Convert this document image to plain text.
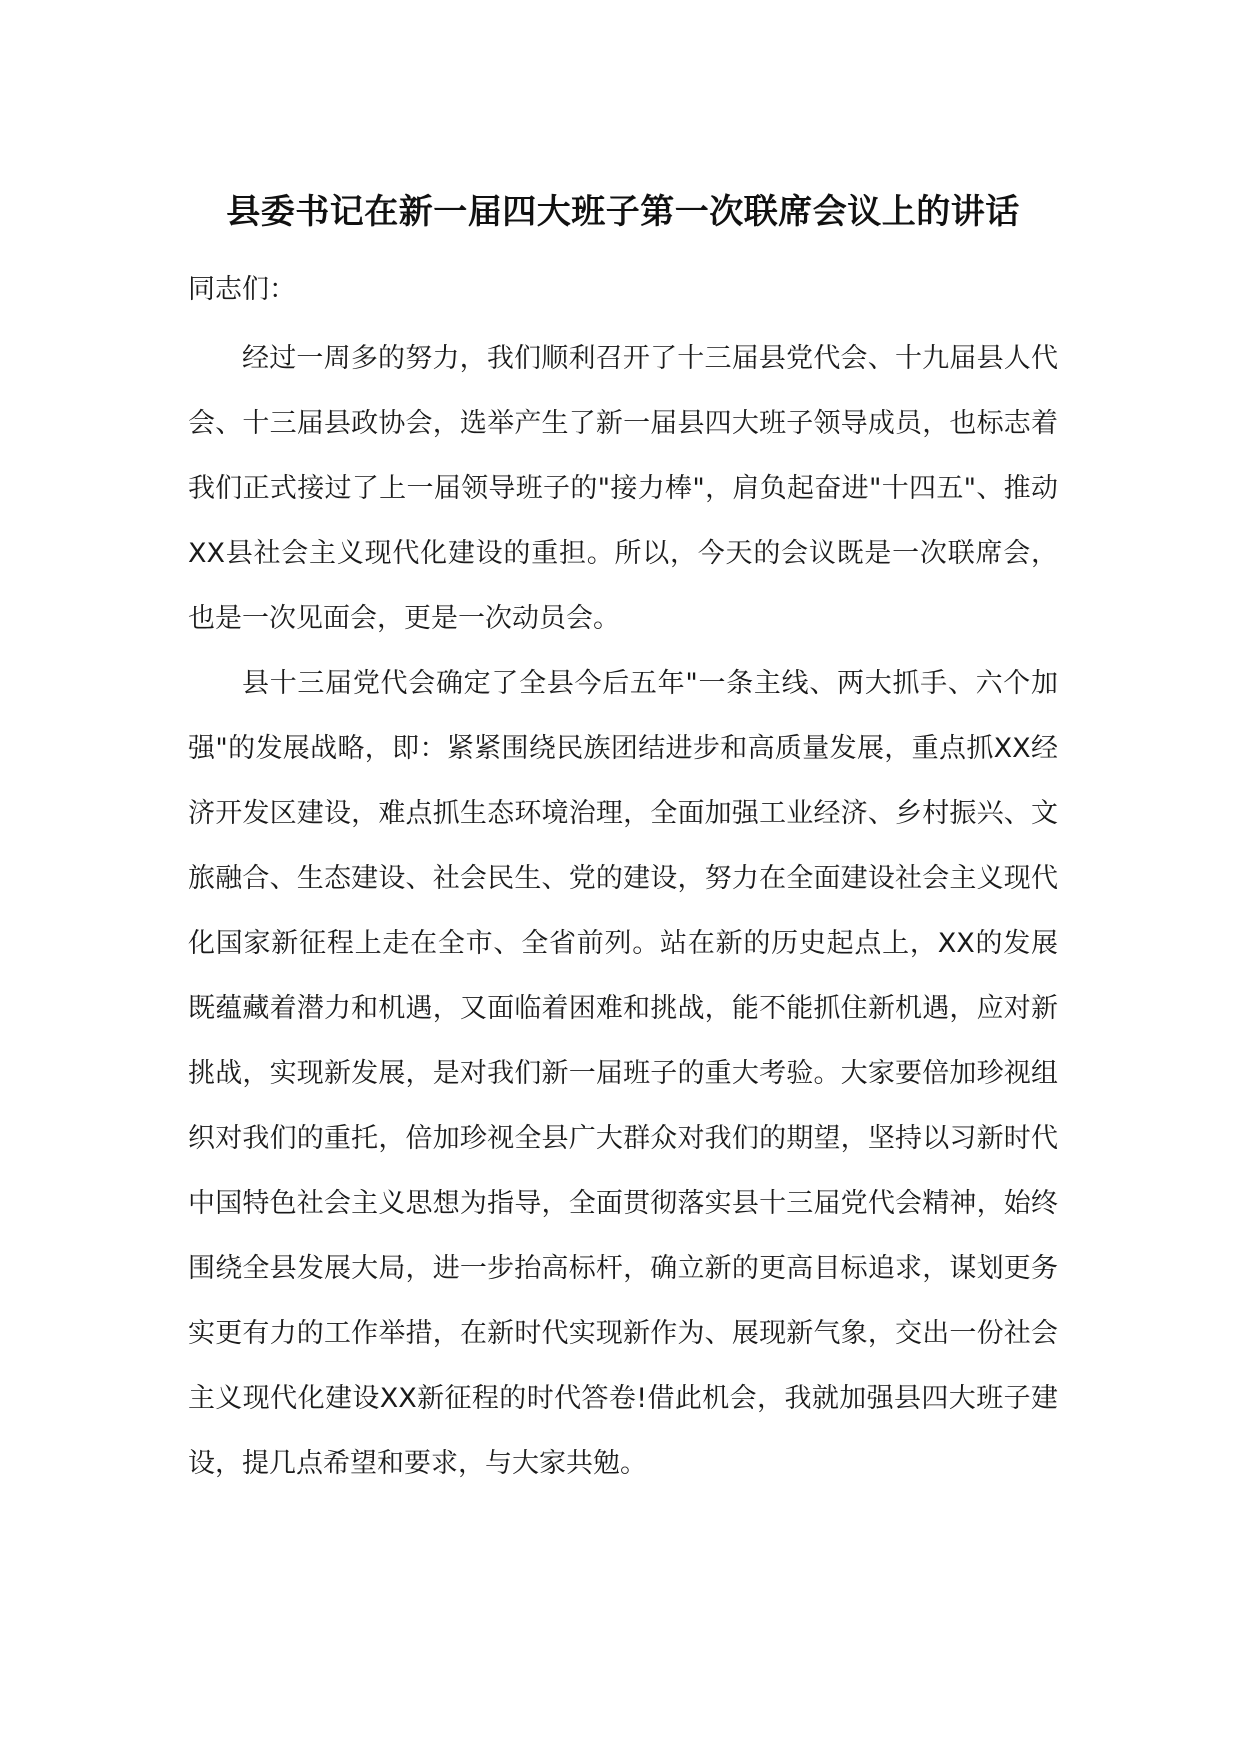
县委书记在新一届四大班子第一次联席会议上的讲话

同志们：

经过一周多的努力，我们顺利召开了十三届县党代会、十九届县人代会、十三届县政协会，选举产生了新一届县四大班子领导成员，也标志着我们正式接过了上一届领导班子的"接力棒"，肩负起奋进"十四五"、推动XX县社会主义现代化建设的重担。所以，今天的会议既是一次联席会，也是一次见面会，更是一次动员会。

县十三届党代会确定了全县今后五年"一条主线、两大抓手、六个加强"的发展战略，即：紧紧围绕民族团结进步和高质量发展，重点抓XX经济开发区建设，难点抓生态环境治理，全面加强工业经济、乡村振兴、文旅融合、生态建设、社会民生、党的建设，努力在全面建设社会主义现代化国家新征程上走在全市、全省前列。站在新的历史起点上，XX的发展既蕴藏着潜力和机遇，又面临着困难和挑战，能不能抓住新机遇，应对新挑战，实现新发展，是对我们新一届班子的重大考验。大家要倍加珍视组织对我们的重托，倍加珍视全县广大群众对我们的期望，坚持以习新时代中国特色社会主义思想为指导，全面贯彻落实县十三届党代会精神，始终围绕全县发展大局，进一步抬高标杆，确立新的更高目标追求，谋划更务实更有力的工作举措，在新时代实现新作为、展现新气象，交出一份社会主义现代化建设XX新征程的时代答卷!借此机会，我就加强县四大班子建设，提几点希望和要求，与大家共勉。
